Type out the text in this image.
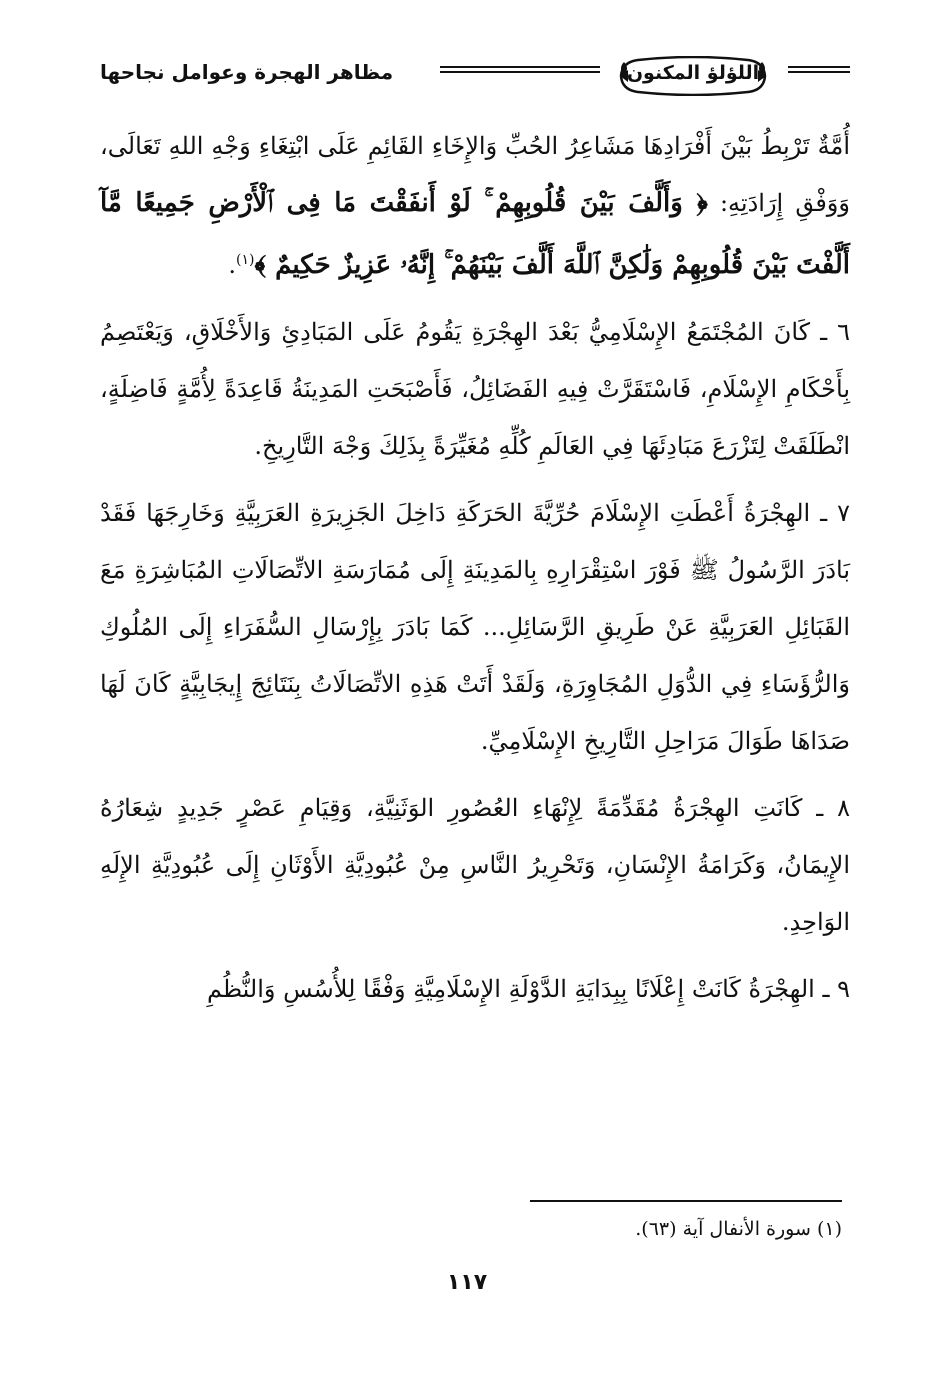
اللؤلؤ المكنون
مظاهر الهجرة وعوامل نجاحها

أُمَّةٌ تَرْبِطُ بَيْنَ أَفْرَادِهَا مَشَاعِرُ الحُبِّ وَالإِخَاءِ القَائِمِ عَلَى ابْتِغَاءِ وَجْهِ اللهِ تَعَالَى، وَوَفْقِ إِرَادَتِهِ: ﴿ وَأَلَّفَ بَيْنَ قُلُوبِهِمْ ۚ لَوْ أَنفَقْتَ مَا فِى ٱلْأَرْضِ جَمِيعًا مَّآ أَلَّفْتَ بَيْنَ قُلُوبِهِمْ وَلَٰكِنَّ ٱللَّهَ أَلَّفَ بَيْنَهُمْ ۚ إِنَّهُۥ عَزِيزٌ حَكِيمٌ ﴾$^{(١)}$.

٦ ـ كَانَ المُجْتَمَعُ الإِسْلَامِيُّ بَعْدَ الهِجْرَةِ يَقُومُ عَلَى المَبَادِئِ وَالأَخْلَاقِ، وَيَعْتَصِمُ بِأَحْكَامِ الإِسْلَامِ، فَاسْتَقَرَّتْ فِيهِ الفَضَائِلُ، فَأَصْبَحَتِ المَدِينَةُ قَاعِدَةً لِأُمَّةٍ فَاضِلَةٍ، انْطَلَقَتْ لِتَزْرَعَ مَبَادِئَهَا فِي العَالَمِ كُلِّهِ مُغَيِّرَةً بِذَلِكَ وَجْهَ التَّارِيخِ.

٧ ـ الهِجْرَةُ أَعْطَتِ الإِسْلَامَ حُرِّيَّةَ الحَرَكَةِ دَاخِلَ الجَزِيرَةِ العَرَبِيَّةِ وَخَارِجَهَا فَقَدْ بَادَرَ الرَّسُولُ ﷺ فَوْرَ اسْتِقْرَارِهِ بِالمَدِينَةِ إِلَى مُمَارَسَةِ الاتِّصَالَاتِ المُبَاشِرَةِ مَعَ القَبَائِلِ العَرَبِيَّةِ عَنْ طَرِيقِ الرَّسَائِلِ... كَمَا بَادَرَ بِإِرْسَالِ السُّفَرَاءِ إِلَى المُلُوكِ وَالرُّؤَسَاءِ فِي الدُّوَلِ المُجَاوِرَةِ، وَلَقَدْ أَتَتْ هَذِهِ الاتِّصَالَاتُ بِنَتَائِجَ إِيجَابِيَّةٍ كَانَ لَهَا صَدَاهَا طَوَالَ مَرَاحِلِ التَّارِيخِ الإِسْلَامِيِّ.

٨ ـ كَانَتِ الهِجْرَةُ مُقَدِّمَةً لِإِنْهَاءِ العُصُورِ الوَثَنِيَّةِ، وَقِيَامِ عَصْرٍ جَدِيدٍ شِعَارُهُ الإِيمَانُ، وَكَرَامَةُ الإِنْسَانِ، وَتَحْرِيرُ النَّاسِ مِنْ عُبُودِيَّةِ الأَوْثَانِ إِلَى عُبُودِيَّةِ الإِلَهِ الوَاحِدِ.

٩ ـ الهِجْرَةُ كَانَتْ إِعْلَانًا بِبِدَايَةِ الدَّوْلَةِ الإِسْلَامِيَّةِ وَفْقًا لِلأُسُسِ وَالنُّظُمِ

(١) سورة الأنفال آية (٦٣).
١١٧
